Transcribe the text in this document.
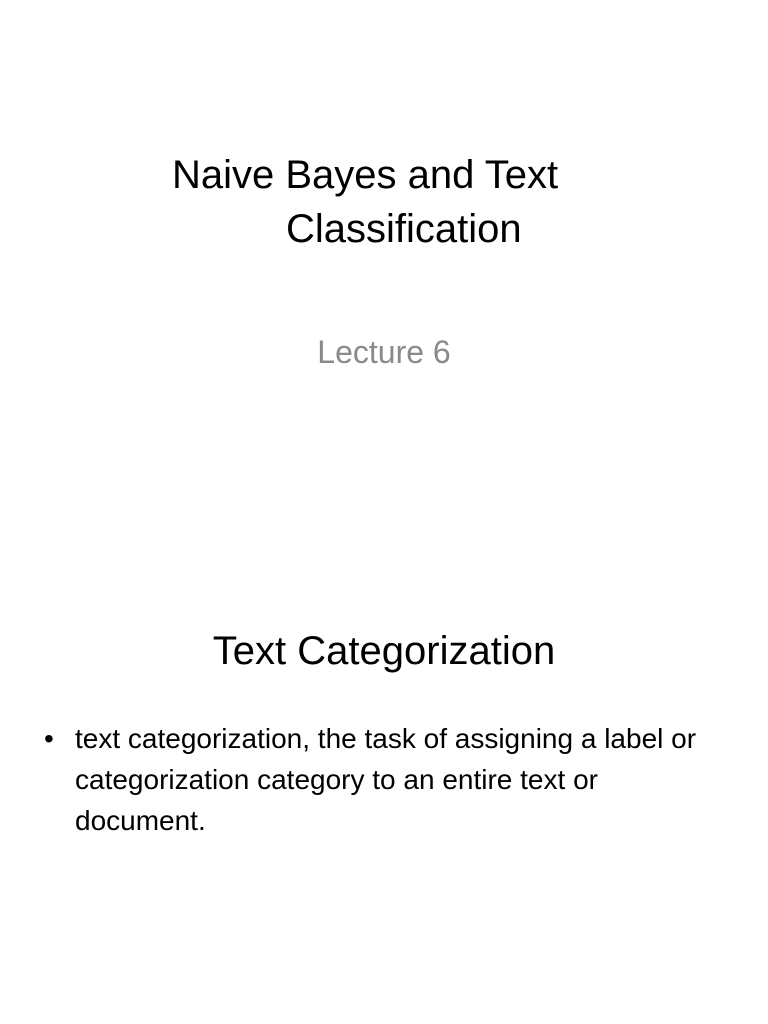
Naive Bayes and Text
Classification
Lecture 6
Text Categorization
• text categorization, the task of assigning a label or categorization category to an entire text or document.
